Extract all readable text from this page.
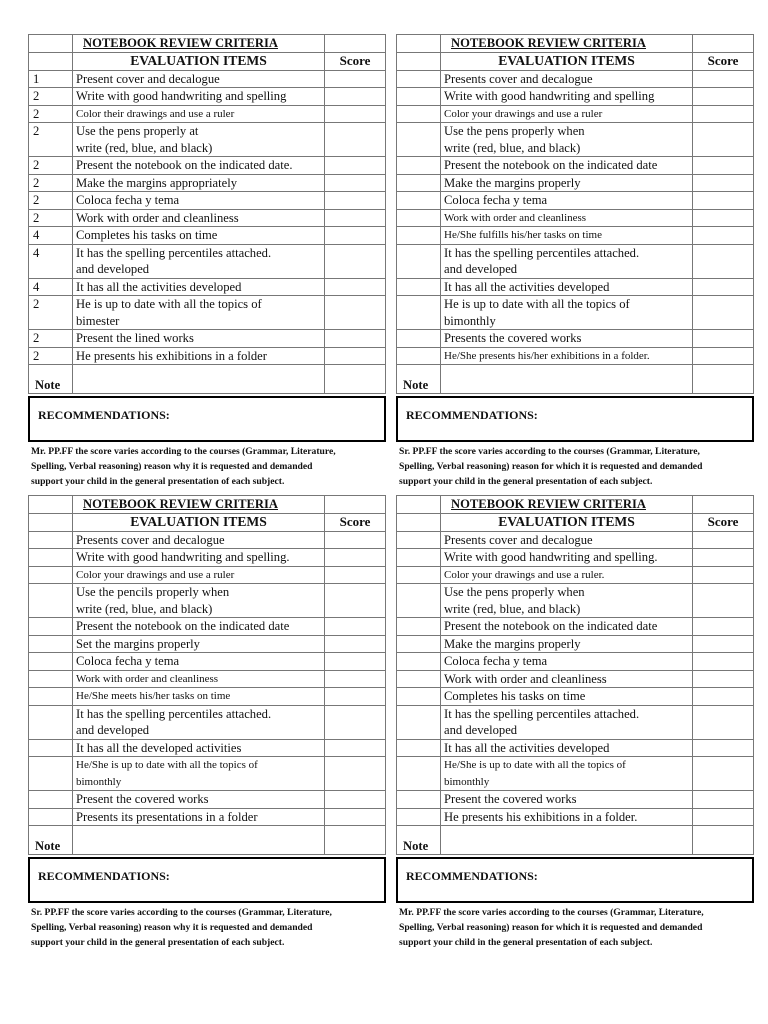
	NOTEBOOK REVIEW CRITERIA	
	EVALUATION ITEMS	Score
1	Present cover and decalogue	

2	Write with good handwriting and spelling	

2	Color their drawings and use a ruler	

2	Use the pens properly at
write (red, blue, and black)	

2	Present the notebook on the indicated date.	

2	Make the margins appropriately	

2	Coloca fecha y tema	

2	Work with order and cleanliness	

4	Completes his tasks on time	

4	It has the spelling percentiles attached.
and developed	

4	It has all the activities developed	

2	He is up to date with all the topics of
bimester	

2	Present the lined works	

2	He presents his exhibitions in a folder	

Note		
RECOMMENDATIONS:
Mr. PP.FF the score varies according to the courses (Grammar, Literature,
Spelling, Verbal reasoning) reason why it is requested and demanded
support your child in the general presentation of each subject.
	NOTEBOOK REVIEW CRITERIA	
	EVALUATION ITEMS	Score

	Presents cover and decalogue	

	Write with good handwriting and spelling	

	Color your drawings and use a ruler	

	Use the pens properly when
write (red, blue, and black)	

	Present the notebook on the indicated date	

	Make the margins properly	

	Coloca fecha y tema	

	Work with order and cleanliness	

	He/She fulfills his/her tasks on time	

	It has the spelling percentiles attached.
and developed	

	It has all the activities developed	

	He is up to date with all the topics of
bimonthly	

	Presents the covered works	

	He/She presents his/her exhibitions in a folder.	

Note		
RECOMMENDATIONS:
Sr. PP.FF the score varies according to the courses (Grammar, Literature,
Spelling, Verbal reasoning) reason for which it is requested and demanded
support your child in the general presentation of each subject.
	NOTEBOOK REVIEW CRITERIA	
	EVALUATION ITEMS	Score

	Presents cover and decalogue	

	Write with good handwriting and spelling.	

	Color your drawings and use a ruler	

	Use the pencils properly when
write (red, blue, and black)	

	Present the notebook on the indicated date	

	Set the margins properly	

	Coloca fecha y tema	

	Work with order and cleanliness	

	He/She meets his/her tasks on time	

	It has the spelling percentiles attached.
and developed	

	It has all the developed activities	

	He/She is up to date with all the topics of
bimonthly	

	Present the covered works	

	Presents its presentations in a folder	

Note		
RECOMMENDATIONS:
Sr. PP.FF the score varies according to the courses (Grammar, Literature,
Spelling, Verbal reasoning) reason why it is requested and demanded
support your child in the general presentation of each subject.
	NOTEBOOK REVIEW CRITERIA	
	EVALUATION ITEMS	Score

	Presents cover and decalogue	

	Write with good handwriting and spelling.	

	Color your drawings and use a ruler.	

	Use the pens properly when
write (red, blue, and black)	

	Present the notebook on the indicated date	

	Make the margins properly	

	Coloca fecha y tema	

	Work with order and cleanliness	

	Completes his tasks on time	

	It has the spelling percentiles attached.
and developed	

	It has all the activities developed	

	He/She is up to date with all the topics of
bimonthly	

	Present the covered works	

	He presents his exhibitions in a folder.	

Note		
RECOMMENDATIONS:
Mr. PP.FF the score varies according to the courses (Grammar, Literature,
Spelling, Verbal reasoning) reason for which it is requested and demanded
support your child in the general presentation of each subject.
